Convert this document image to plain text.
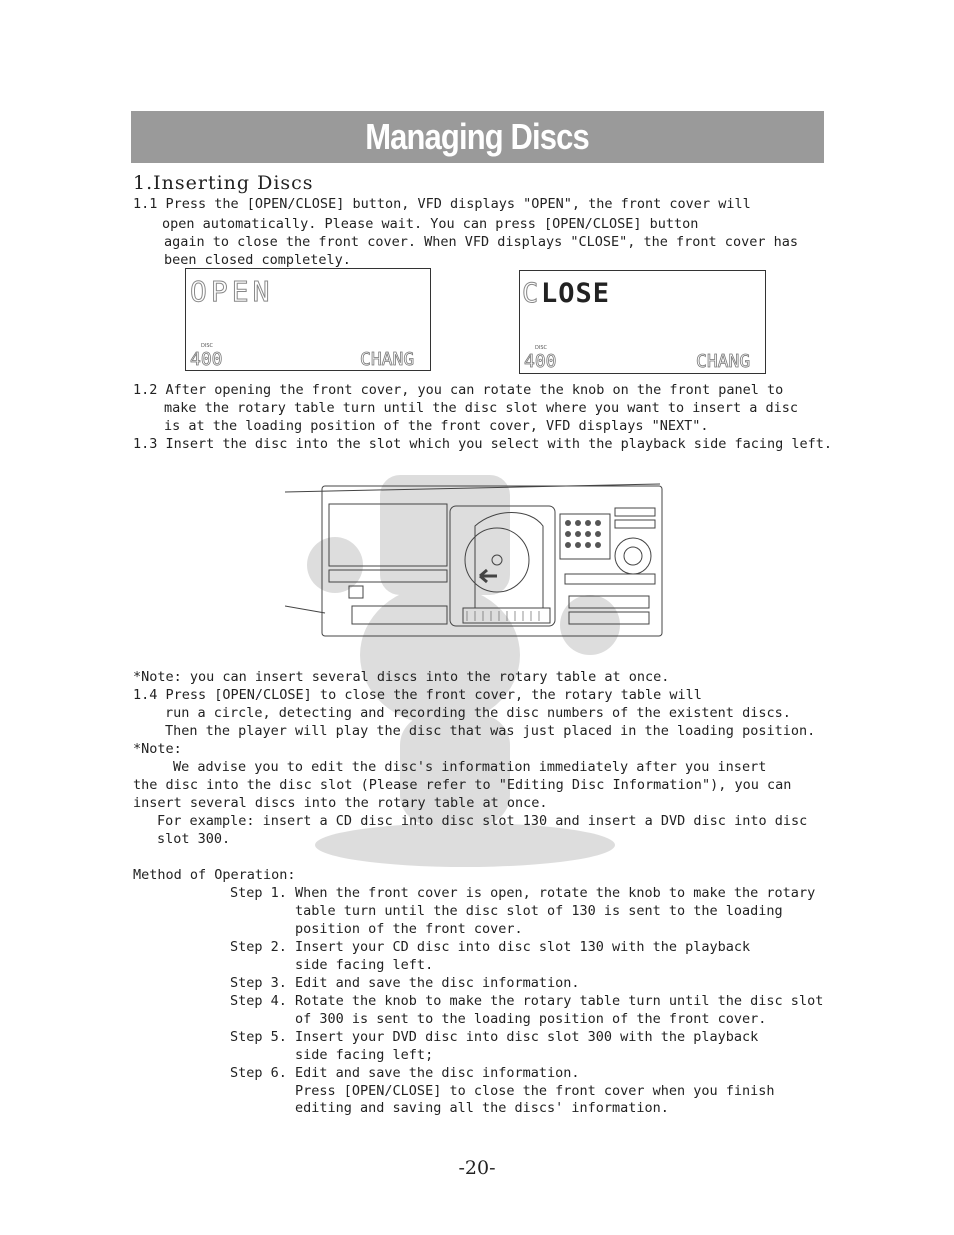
Managing Discs
1.Inserting Discs
1.1 Press the [OPEN/CLOSE] button, VFD displays "OPEN", the front cover will
open automatically. Please wait. You can press [OPEN/CLOSE] button
again to close the front cover. When VFD displays "CLOSE", the front cover has
been closed completely.
OPEN
DISC
400	CHANG
C LOSE
DISC
400	CHANG
1.2 After opening the front cover, you can rotate the knob on the front panel to
make the rotary table turn until the disc slot where you want to insert a disc
is at the loading position of the front cover, VFD displays "NEXT".
1.3 Insert the disc into the slot which you select with the playback side facing left.
*Note: you can insert several discs into the rotary table at once.
1.4 Press [OPEN/CLOSE] to close the front cover, the rotary table will
run a circle, detecting and recording the disc numbers of the existent discs.
Then the player will play the disc that was just placed in the loading position.
*Note:
We advise you to edit the disc's information immediately after you insert
the disc into the disc slot (Please refer to "Editing Disc Information"), you can
insert several discs into the rotary table at once.
For example: insert a CD disc into disc slot 130 and insert a DVD disc into disc
slot 300.
Method of Operation:
Step 1. When the front cover is open, rotate the knob to make the rotary
table turn until the disc slot of 130 is sent to the loading
position of the front cover.
Step 2. Insert your CD disc into disc slot 130 with the playback
side facing left.
Step 3. Edit and save the disc information.
Step 4. Rotate the knob to make the rotary table turn until the disc slot
of 300 is sent to the loading position of the front cover.
Step 5. Insert your DVD disc into disc slot 300 with the playback
side facing left;
Step 6. Edit and save the disc information.
Press [OPEN/CLOSE] to close the front cover when you finish
editing and saving all the discs' information.
-20-
